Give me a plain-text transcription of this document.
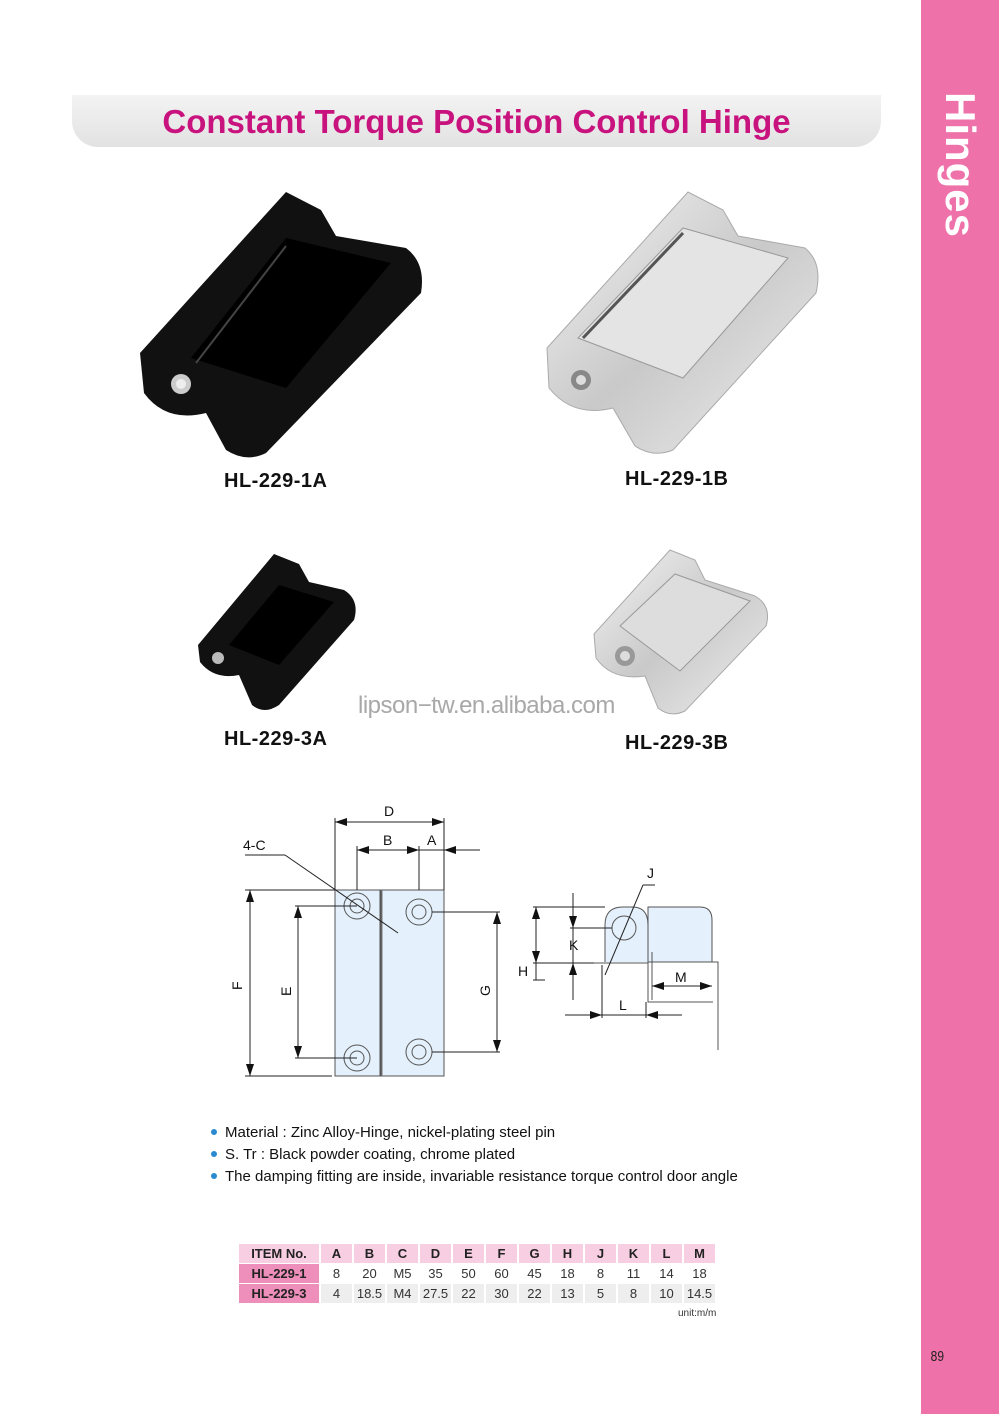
Hinges
89
Constant Torque Position Control Hinge
HL-229-1A	HL-229-1B
HL-229-3A	HL-229-3B
lipson−tw.en.alibaba.com
D
B A
4-C
F
E	G
J
K
H	M
L
Material : Zinc Alloy-Hinge, nickel-plating steel pin
S. Tr : Black powder coating, chrome plated
The damping fitting are inside, invariable resistance torque control door angle
ITEM No.	A	B	C	D	E	F	G	H	J	K	L	M
HL-229-1	8	20	M5	35	50	60	45	18	8	11	14	18
HL-229-3	4	18.5	M4	27.5	22	30	22	13	5	8	10	14.5
unit:m/m
